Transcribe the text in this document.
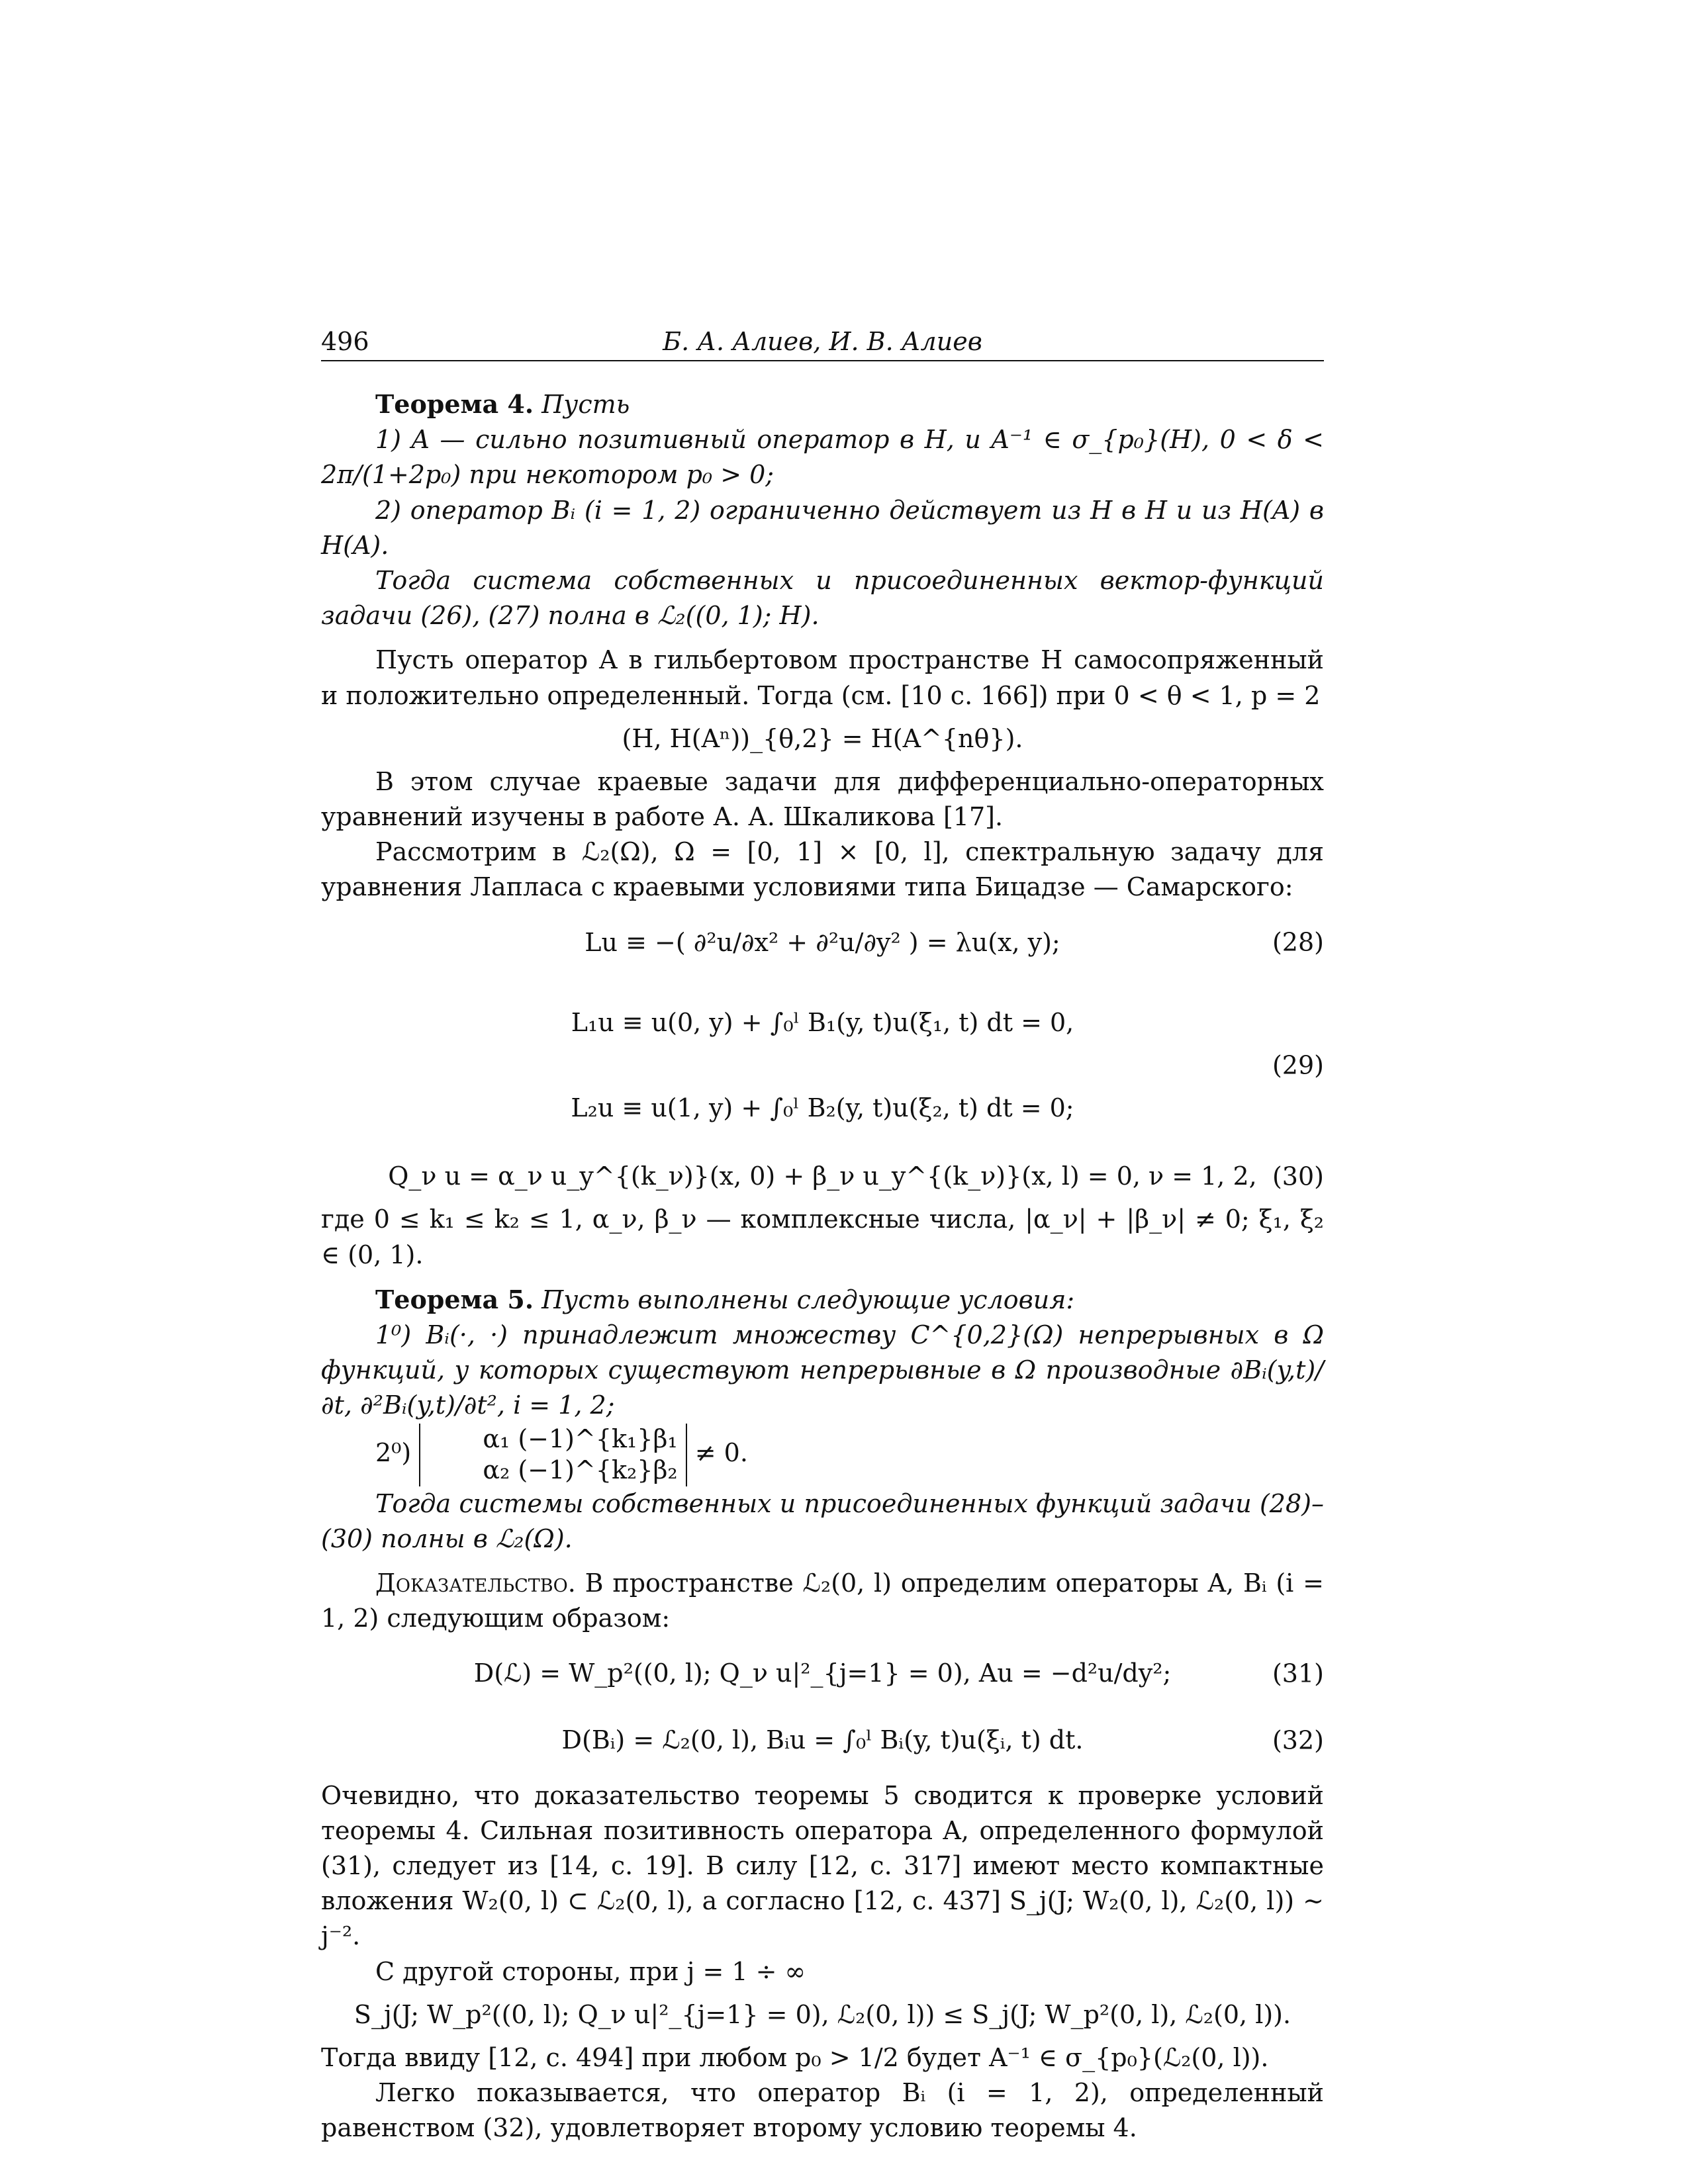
496	Б. А. Алиев, И. В. Алиев

Теорема 4. Пусть

1) A — сильно позитивный оператор в H, и A⁻¹ ∈ σ_{p₀}(H), 0 < δ < 2π/(1+2p₀) при некотором p₀ > 0;

2) оператор Bᵢ (i = 1, 2) ограниченно действует из H в H и из H(A) в H(A).

Тогда система собственных и присоединенных вектор-функций задачи (26), (27) полна в ℒ₂((0, 1); H).

Пусть оператор A в гильбертовом пространстве H самосопряженный и положительно определенный. Тогда (см. [10 с. 166]) при 0 < θ < 1, p = 2

(H, H(Aⁿ))_{θ,2} = H(A^{nθ}).

В этом случае краевые задачи для дифференциально-операторных уравнений изучены в работе А. А. Шкаликова [17].

Рассмотрим в ℒ₂(Ω), Ω = [0, 1] × [0, l], спектральную задачу для уравнения Лапласа с краевыми условиями типа Бицадзе — Самарского:

Lu ≡ −( ∂²u/∂x² + ∂²u/∂y² ) = λu(x, y);	(28)
L₁u ≡ u(0, y) + ∫₀ˡ B₁(y, t)u(ξ₁, t) dt = 0,
L₂u ≡ u(1, y) + ∫₀ˡ B₂(y, t)u(ξ₂, t) dt = 0;
(29)
Q_ν u = α_ν u_y^{(k_ν)}(x, 0) + β_ν u_y^{(k_ν)}(x, l) = 0, ν = 1, 2, (30)

где 0 ≤ k₁ ≤ k₂ ≤ 1, α_ν, β_ν — комплексные числа, |α_ν| + |β_ν| ≠ 0; ξ₁, ξ₂ ∈ (0, 1).

Теорема 5. Пусть выполнены следующие условия:

1⁰) Bᵢ(·, ·) принадлежит множеству C^{0,2}(Ω) непрерывных в Ω функций, у которых существуют непрерывные в Ω производные ∂Bᵢ(y,t)/∂t, ∂²Bᵢ(y,t)/∂t², i = 1, 2;

2⁰)	α₁ (−1)^{k₁}β₁
α₂ (−1)^{k₂}β₂
≠ 0.

Тогда системы собственных и присоединенных функций задачи (28)–(30) полны в ℒ₂(Ω).

Доказательство. В пространстве ℒ₂(0, l) определим операторы A, Bᵢ (i = 1, 2) следующим образом:

D(ℒ) = W_p²((0, l); Q_ν u|²_{j=1} = 0), Au = −d²u/dy²;	(31)
D(Bᵢ) = ℒ₂(0, l), Bᵢu = ∫₀ˡ Bᵢ(y, t)u(ξᵢ, t) dt.	(32)

Очевидно, что доказательство теоремы 5 сводится к проверке условий теоремы 4. Сильная позитивность оператора A, определенного формулой (31), следует из [14, с. 19]. В силу [12, с. 317] имеют место компактные вложения W₂(0, l) ⊂ ℒ₂(0, l), а согласно [12, с. 437] S_j(J; W₂(0, l), ℒ₂(0, l)) ∼ j⁻².

С другой стороны, при j = 1 ÷ ∞

S_j(J; W_p²((0, l); Q_ν u|²_{j=1} = 0), ℒ₂(0, l)) ≤ S_j(J; W_p²(0, l), ℒ₂(0, l)).

Тогда ввиду [12, с. 494] при любом p₀ > 1/2 будет A⁻¹ ∈ σ_{p₀}(ℒ₂(0, l)).

Легко показывается, что оператор Bᵢ (i = 1, 2), определенный равенством (32), удовлетворяет второму условию теоремы 4.
